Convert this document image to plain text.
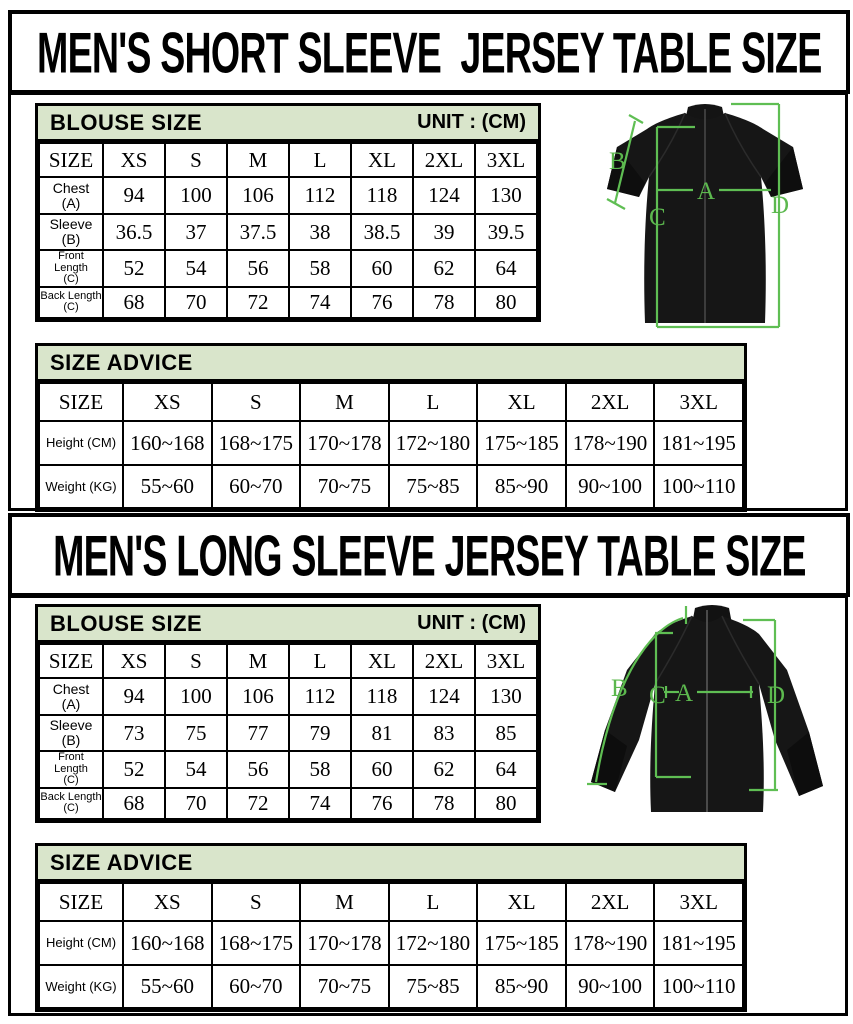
MEN'S SHORT SLEEVE  JERSEY TABLE SIZE
BLOUSE SIZE	UNIT : (CM)
SIZE	XS	S	M	L	XL	2XL	3XL

Chest
(A)	94	100	106	112	118	124	130

Sleeve
(B)	36.5	37	37.5	38	38.5	39	39.5

Front Length
(C)	52	54	56	58	60	62	64

Back Length
(C)	68	70	72	74	76	78	80
A
B
C	D
SIZE ADVICE
SIZE	XS	S	M	L	XL	2XL	3XL
Height (CM)	160~168	168~175	170~178	172~180	175~185	178~190	181~195
Weight (KG)	55~60	60~70	70~75	75~85	85~90	90~100	100~110
MEN'S LONG SLEEVE JERSEY TABLE SIZE
BLOUSE SIZE	UNIT : (CM)
SIZE	XS	S	M	L	XL	2XL	3XL

Chest
(A)	94	100	106	112	118	124	130

Sleeve
(B)	73	75	77	79	81	83	85

Front Length
(C)	52	54	56	58	60	62	64

Back Length
(C)	68	70	72	74	76	78	80
A
B C	D
SIZE ADVICE
SIZE	XS	S	M	L	XL	2XL	3XL
Height (CM)	160~168	168~175	170~178	172~180	175~185	178~190	181~195
Weight (KG)	55~60	60~70	70~75	75~85	85~90	90~100	100~110
